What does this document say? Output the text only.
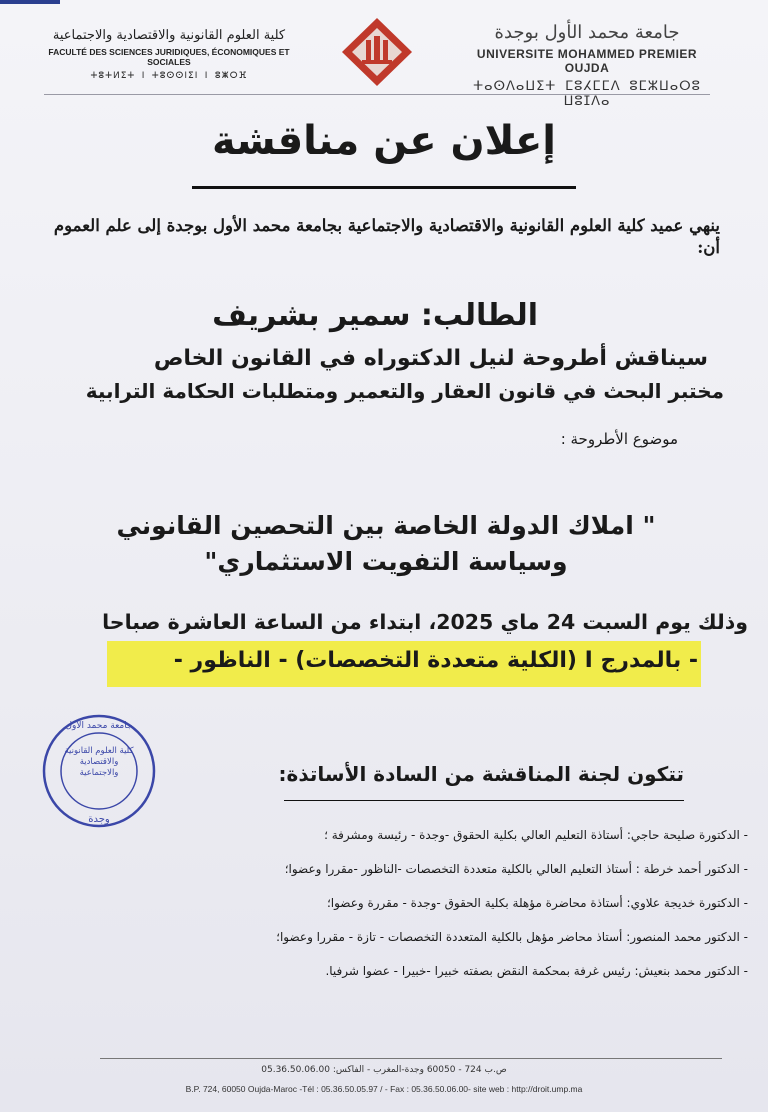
كلية العلوم القانونية والاقتصادية والاجتماعية
FACULTÉ DES SCIENCES JURIDIQUES, ÉCONOMIQUES ET SOCIALES
ⵜⵓⵜⵍⵉⵜ ⵏ ⵜⵓⵙⵙⵏⵉⵏ ⵏ ⵓⵥⵔⴼ
جامعة محمد الأول بوجدة
UNIVERSITE MOHAMMED PREMIER OUJDA
ⵜⴰⵙⴷⴰⵡⵉⵜ ⵎⵓⵃⵎⵎⴷ ⵓⵎⵣⵡⴰⵔⵓ ⵡⵓⵊⴷⴰ
إعلان عن مناقشة
ينهي عميد كلية العلوم القانونية والاقتصادية والاجتماعية بجامعة محمد الأول بوجدة إلى علم العموم أن:
الطالب: سمير بشريف
سيناقش أطروحة لنيل الدكتوراه في القانون الخاص
مختبر البحث في قانون العقار والتعمير ومتطلبات الحكامة الترابية
موضوع الأطروحة :
" املاك الدولة الخاصة بين التحصين القانوني
وسياسة التفويت الاستثماري"
وذلك يوم السبت 24 ماي 2025، ابتداء من الساعة العاشرة صباحا
- بالمدرج I (الكلية متعددة التخصصات) - الناظور -
جامعة محمد الأول
كلية العلوم القانونية والاقتصادية والاجتماعية
وجدة
تتكون لجنة المناقشة من السادة الأساتذة:
- الدكتورة صليحة حاجي: أستاذة التعليم العالي بكلية الحقوق -وجدة - رئيسة ومشرفة ؛
- الدكتور أحمد خرطة : أستاذ التعليم العالي بالكلية متعددة التخصصات -الناظور -مقررا وعضوا؛
- الدكتورة خديجة علاوي: أستاذة محاضرة مؤهلة بكلية الحقوق -وجدة - مقررة وعضوا؛
- الدكتور محمد المنصور: أستاذ محاضر مؤهل بالكلية المتعددة التخصصات - تازة - مقررا وعضوا؛
- الدكتور محمد بنعيش: رئيس غرفة بمحكمة النقض بصفته خبيرا -خبيرا - عضوا شرفيا.
ص.ب 724 - 60050 وجدة-المغرب - الفاكس: 05.36.50.06.00
B.P. 724, 60050 Oujda-Maroc -Tél : 05.36.50.05.97 / - Fax : 05.36.50.06.00- site web : http://droit.ump.ma
